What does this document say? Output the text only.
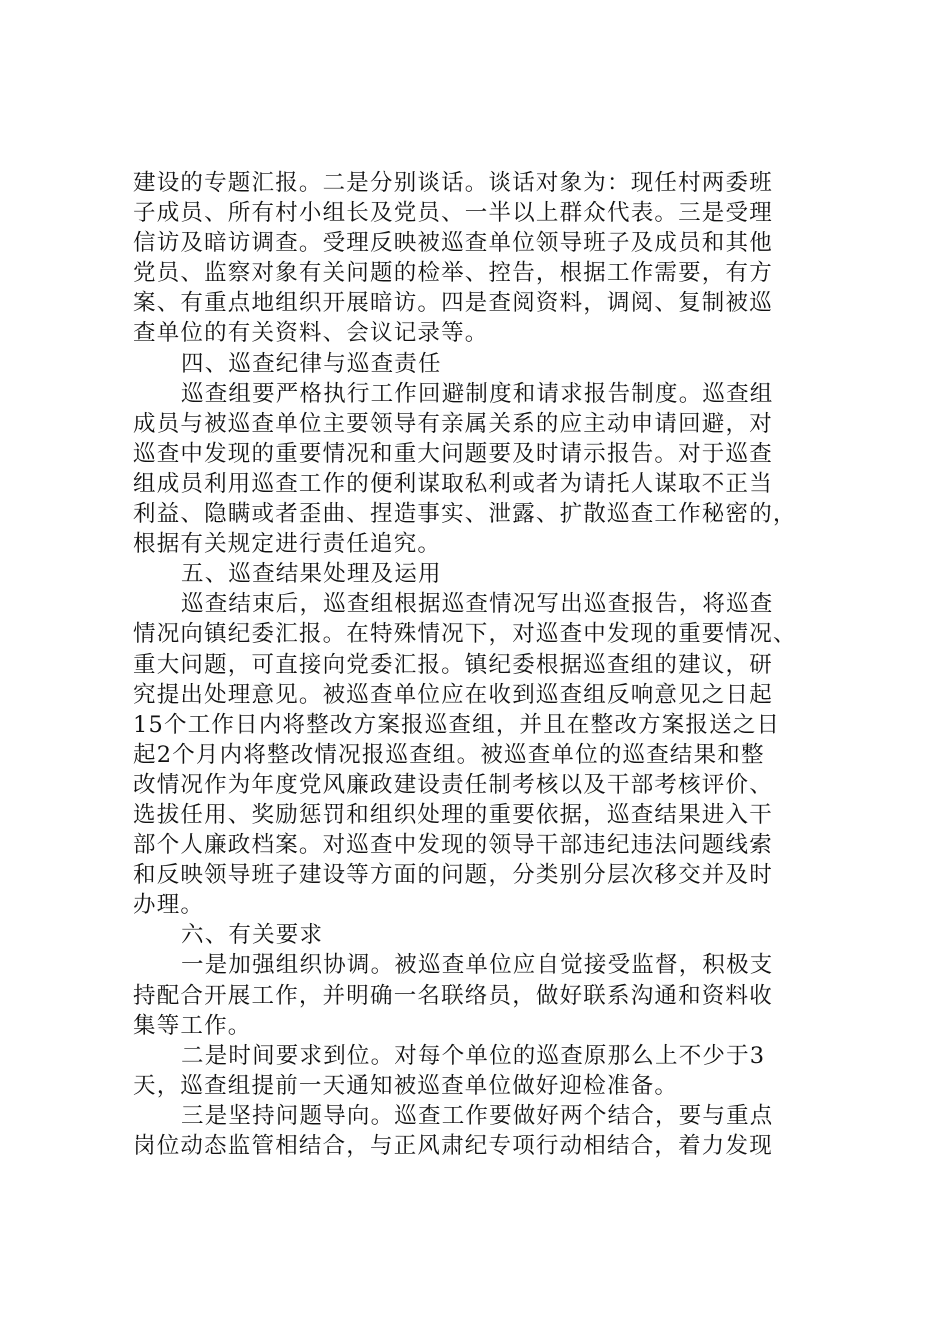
建设的专题汇报。二是分别谈话。谈话对象为：现任村两委班
子成员、所有村小组长及党员、一半以上群众代表。三是受理
信访及暗访调查。受理反映被巡查单位领导班子及成员和其他
党员、监察对象有关问题的检举、控告，根据工作需要，有方
案、有重点地组织开展暗访。四是查阅资料，调阅、复制被巡
查单位的有关资料、会议记录等。
四、巡查纪律与巡查责任
巡查组要严格执行工作回避制度和请求报告制度。巡查组
成员与被巡查单位主要领导有亲属关系的应主动申请回避，对
巡查中发现的重要情况和重大问题要及时请示报告。对于巡查
组成员利用巡查工作的便利谋取私利或者为请托人谋取不正当
利益、隐瞒或者歪曲、捏造事实、泄露、扩散巡查工作秘密的，
根据有关规定进行责任追究。
五、巡查结果处理及运用
巡查结束后，巡查组根据巡查情况写出巡查报告，将巡查
情况向镇纪委汇报。在特殊情况下，对巡查中发现的重要情况、
重大问题，可直接向党委汇报。镇纪委根据巡查组的建议，研
究提出处理意见。被巡查单位应在收到巡查组反响意见之日起
15个工作日内将整改方案报巡查组，并且在整改方案报送之日
起2个月内将整改情况报巡查组。被巡查单位的巡查结果和整
改情况作为年度党风廉政建设责任制考核以及干部考核评价、
选拔任用、奖励惩罚和组织处理的重要依据，巡查结果进入干
部个人廉政档案。对巡查中发现的领导干部违纪违法问题线索
和反映领导班子建设等方面的问题，分类别分层次移交并及时
办理。
六、有关要求
一是加强组织协调。被巡查单位应自觉接受监督，积极支
持配合开展工作，并明确一名联络员，做好联系沟通和资料收
集等工作。
二是时间要求到位。对每个单位的巡查原那么上不少于3
天，巡查组提前一天通知被巡查单位做好迎检准备。
三是坚持问题导向。巡查工作要做好两个结合，要与重点
岗位动态监管相结合，与正风肃纪专项行动相结合，着力发现
